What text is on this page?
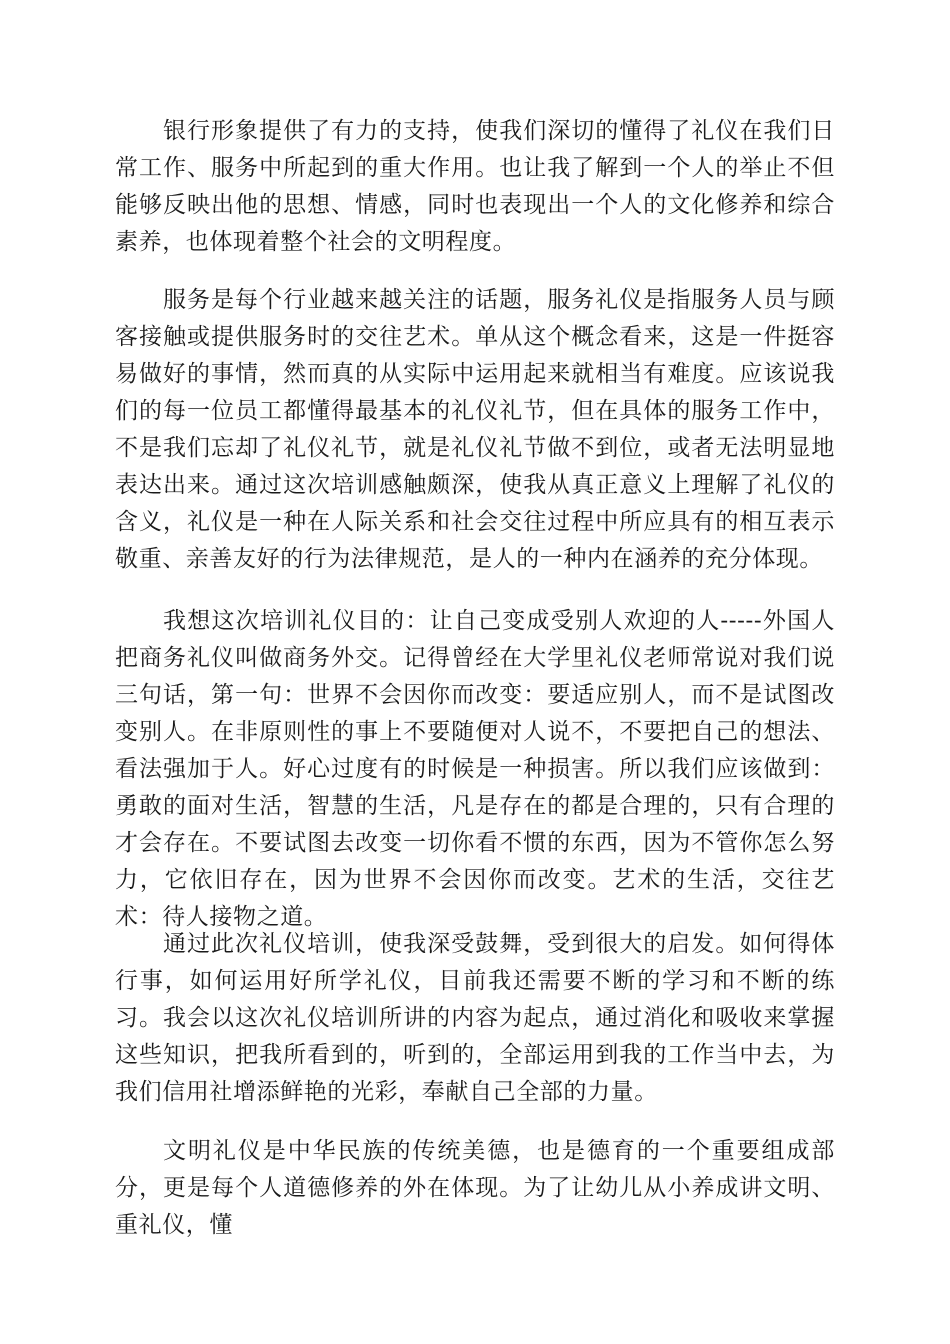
银行形象提供了有力的支持，使我们深切的懂得了礼仪在我们日常工作、服务中所起到的重大作用。也让我了解到一个人的举止不但能够反映出他的思想、情感，同时也表现出一个人的文化修养和综合素养，也体现着整个社会的文明程度。

服务是每个行业越来越关注的话题，服务礼仪是指服务人员与顾客接触或提供服务时的交往艺术。单从这个概念看来，这是一件挺容易做好的事情，然而真的从实际中运用起来就相当有难度。应该说我们的每一位员工都懂得最基本的礼仪礼节，但在具体的服务工作中，不是我们忘却了礼仪礼节，就是礼仪礼节做不到位，或者无法明显地表达出来。通过这次培训感触颇深，使我从真正意义上理解了礼仪的含义，礼仪是一种在人际关系和社会交往过程中所应具有的相互表示敬重、亲善友好的行为法律规范，是人的一种内在涵养的充分体现。

我想这次培训礼仪目的：让自己变成受别人欢迎的人-----外国人把商务礼仪叫做商务外交。记得曾经在大学里礼仪老师常说对我们说三句话，第一句：世界不会因你而改变：要适应别人，而不是试图改变别人。在非原则性的事上不要随便对人说不，不要把自己的想法、看法强加于人。好心过度有的时候是一种损害。所以我们应该做到：勇敢的面对生活，智慧的生活，凡是存在的都是合理的，只有合理的才会存在。不要试图去改变一切你看不惯的东西，因为不管你怎么努力，它依旧存在，因为世界不会因你而改变。艺术的生活，交往艺术：待人接物之道。

通过此次礼仪培训，使我深受鼓舞，受到很大的启发。如何得体行事，如何运用好所学礼仪，目前我还需要不断的学习和不断的练习。我会以这次礼仪培训所讲的内容为起点，通过消化和吸收来掌握这些知识，把我所看到的，听到的，全部运用到我的工作当中去，为我们信用社增添鲜艳的光彩，奉献自己全部的力量。

文明礼仪是中华民族的传统美德，也是德育的一个重要组成部分，更是每个人道德修养的外在体现。为了让幼儿从小养成讲文明、重礼仪，懂
